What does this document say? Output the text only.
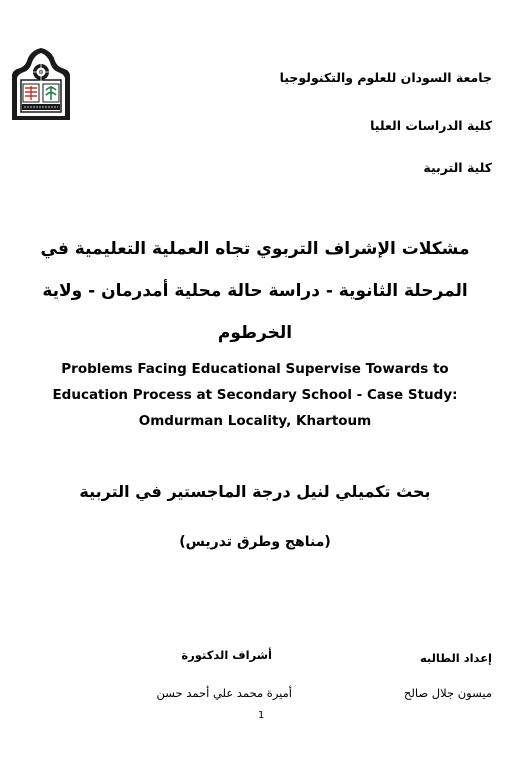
جامعة السودان للعلوم والتكنولوجيا
كلية الدراسات العليا
كلية التربية
مشكلات الإشراف التربوي تجاه العملية التعليمية في
المرحلة الثانوية - دراسة حالة محلية أمدرمان - ولاية
الخرطوم
Problems Facing Educational Supervise Towards to
Education Process at Secondary School - Case Study:
Omdurman Locality, Khartoum
بحث تكميلي لنيل درجة الماجستير في التربية
(مناهج وطرق تدريس)
إعداد الطالبه
أشراف الدكتورة
ميسون جلال صالح
أميرة محمد علي أحمد حسن
1
